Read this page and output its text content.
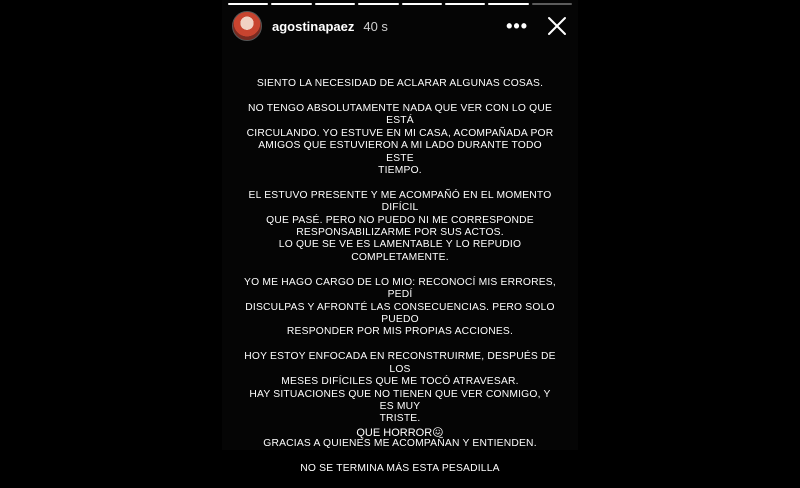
agostinapaez 40 s	•••

SIENTO LA NECESIDAD DE ACLARAR ALGUNAS COSAS.

NO TENGO ABSOLUTAMENTE NADA QUE VER CON LO QUE ESTÁ
CIRCULANDO. YO ESTUVE EN MI CASA, ACOMPAÑADA POR
AMIGOS QUE ESTUVIERON A MI LADO DURANTE TODO ESTE
TIEMPO.

EL ESTUVO PRESENTE Y ME ACOMPAÑÓ EN EL MOMENTO DIFÍCIL
QUE PASÉ. PERO NO PUEDO NI ME CORRESPONDE
RESPONSABILIZARME POR SUS ACTOS.
LO QUE SE VE ES LAMENTABLE Y LO REPUDIO COMPLETAMENTE.

YO ME HAGO CARGO DE LO MIO: RECONOCÍ MIS ERRORES, PEDÍ
DISCULPAS Y AFRONTÉ LAS CONSECUENCIAS. PERO SOLO PUEDO
RESPONDER POR MIS PROPIAS ACCIONES.

HOY ESTOY ENFOCADA EN RECONSTRUIRME, DESPUÉS DE LOS
MESES DIFÍCILES QUE ME TOCÓ ATRAVESAR.
HAY SITUACIONES QUE NO TIENEN QUE VER CONMIGO, Y ES MUY
TRISTE.

GRACIAS A QUIENES ME ACOMPAÑAN Y ENTIENDEN.

NO SE TERMINA MÁS ESTA PESADILLA

QUE HORROR😖
